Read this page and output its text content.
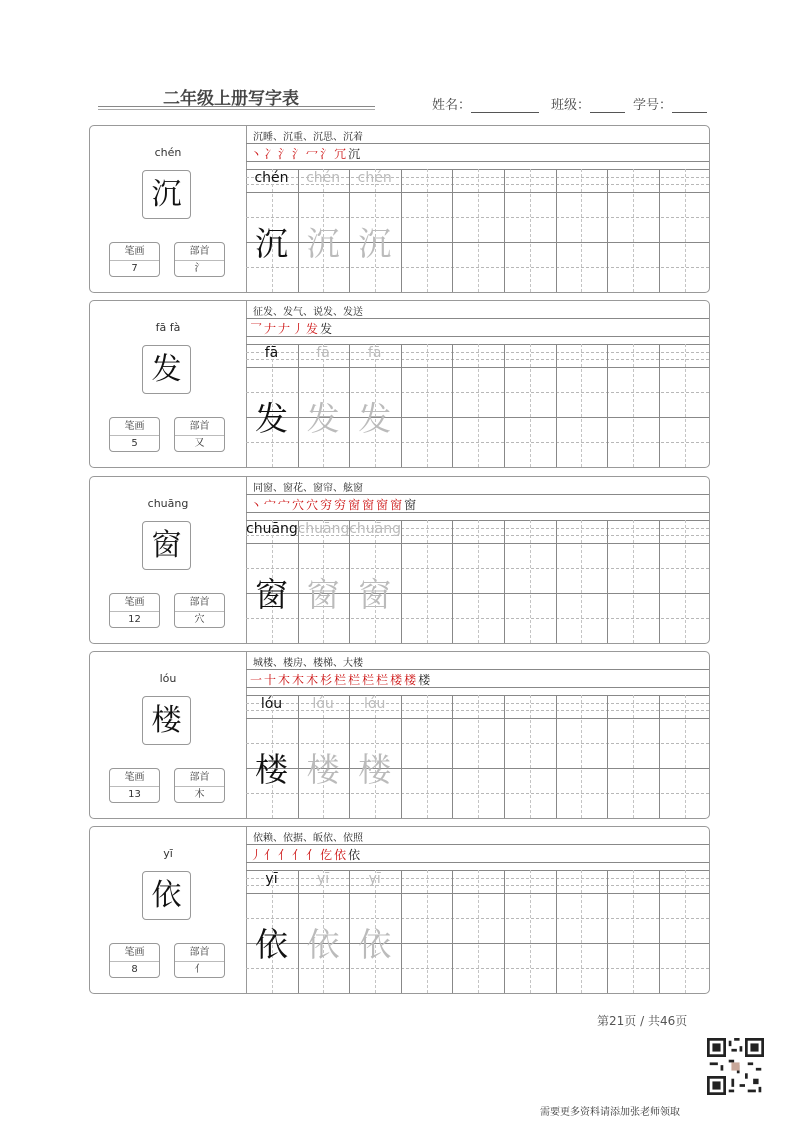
二年级上册写字表	姓名：	班级：	学号：
chén
沉
笔画
7
部首
氵
沉睡、沉重、沉思、沉着
丶冫氵氵冖氵冗沉
chén
沉
chén
沉
chén
沉
fā fà
发
笔画
5
部首
又
征发、发气、说发、发送
乛𠂇𠂇丿发发
fā
发
fā
发
fā
发
chuāng
窗
笔画
12
部首
穴
同窗、窗花、窗帘、舷窗
丶宀宀穴穴穷穷窗窗窗窗窗
chuāng
窗
chuāng
窗
chuāng
窗
lóu
楼
笔画
13
部首
木
城楼、楼房、楼梯、大楼
一十木木木杉栏栏栏栏楼楼楼
lóu
楼
lóu
楼
lóu
楼
yī
依
笔画
8
部首
亻
依赖、依据、皈依、依照
丿亻亻亻亻仡依依
yī
依
yī
依
yī
依
第21页 / 共46页
需要更多资料请添加张老师领取
